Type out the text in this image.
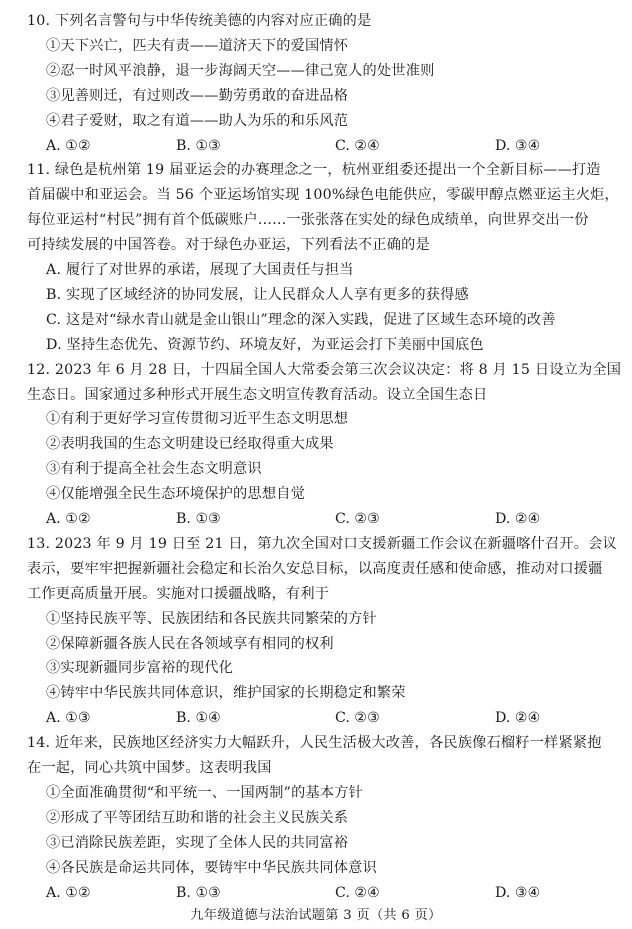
10. 下列名言警句与中华传统美德的内容对应正确的是
①天下兴亡，匹夫有责——道济天下的爱国情怀
②忍一时风平浪静，退一步海阔天空——律己宽人的处世准则
③见善则迁，有过则改——勤劳勇敢的奋进品格
④君子爱财，取之有道——助人为乐的和乐风范
A. ①②	B. ①③	C. ②④	D. ③④
11. 绿色是杭州第 19 届亚运会的办赛理念之一，杭州亚组委还提出一个全新目标——打造
首届碳中和亚运会。当 56 个亚运场馆实现 100%绿色电能供应，零碳甲醇点燃亚运主火炬，
每位亚运村“村民”拥有首个低碳账户……一张张落在实处的绿色成绩单，向世界交出一份
可持续发展的中国答卷。对于绿色办亚运，下列看法不正确的是
A. 履行了对世界的承诺，展现了大国责任与担当
B. 实现了区域经济的协同发展，让人民群众人人享有更多的获得感
C. 这是对“绿水青山就是金山银山”理念的深入实践，促进了区域生态环境的改善
D. 坚持生态优先、资源节约、环境友好，为亚运会打下美丽中国底色
12. 2023 年 6 月 28 日，十四届全国人大常委会第三次会议决定：将 8 月 15 日设立为全国
生态日。国家通过多种形式开展生态文明宣传教育活动。设立全国生态日
①有利于更好学习宣传贯彻习近平生态文明思想
②表明我国的生态文明建设已经取得重大成果
③有利于提高全社会生态文明意识
④仅能增强全民生态环境保护的思想自觉
A. ①②	B. ①③	C. ②③	D. ②④
13. 2023 年 9 月 19 日至 21 日，第九次全国对口支援新疆工作会议在新疆喀什召开。会议
表示，要牢牢把握新疆社会稳定和长治久安总目标，以高度责任感和使命感，推动对口援疆
工作更高质量开展。实施对口援疆战略，有利于
①坚持民族平等、民族团结和各民族共同繁荣的方针
②保障新疆各族人民在各领域享有相同的权利
③实现新疆同步富裕的现代化
④铸牢中华民族共同体意识，维护国家的长期稳定和繁荣
A. ①③	B. ①④	C. ②③	D. ②④
14. 近年来，民族地区经济实力大幅跃升，人民生活极大改善，各民族像石榴籽一样紧紧抱
在一起，同心共筑中国梦。这表明我国
①全面准确贯彻“和平统一、一国两制”的基本方针
②形成了平等团结互助和谐的社会主义民族关系
③已消除民族差距，实现了全体人民的共同富裕
④各民族是命运共同体，要铸牢中华民族共同体意识
A. ①②	B. ①③	C. ②④	D. ③④
九年级道德与法治试题第 3 页（共 6 页）
